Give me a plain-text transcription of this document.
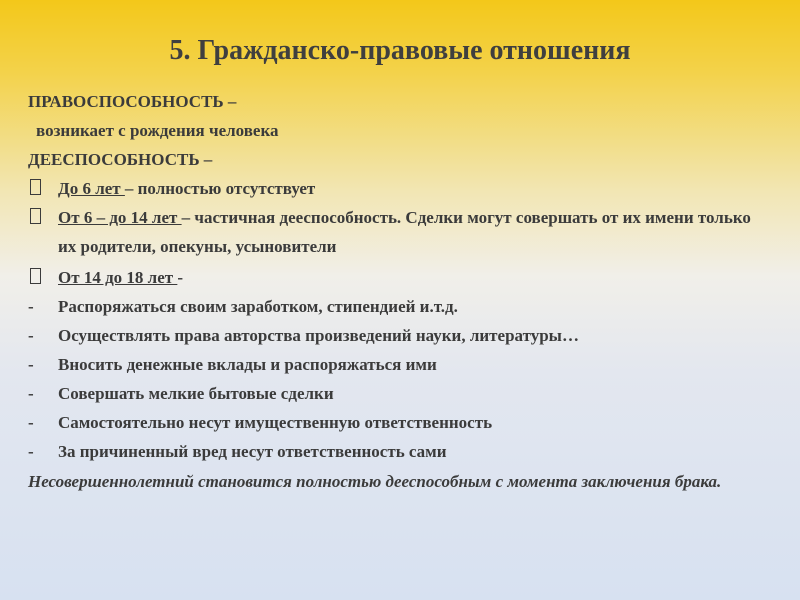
5. Гражданско-правовые отношения

ПРАВОСПОСОБНОСТЬ –

возникает с рождения человека

ДЕЕСПОСОБНОСТЬ –

До 6 лет – полностью отсутствует
От 6 – до 14 лет – частичная дееспособность. Сделки могут совершать от их имени только их родители, опекуны, усыновители
От 14 до 18 лет -
-	Распоряжаться своим заработком, стипендией и.т.д.
-	Осуществлять права авторства произведений науки, литературы…
-	Вносить денежные вклады и распоряжаться ими
-	Совершать мелкие бытовые сделки
-	Самостоятельно несут имущественную ответственность
-	За причиненный вред несут ответственность сами

Несовершеннолетний становится полностью дееспособным с момента заключения брака.
